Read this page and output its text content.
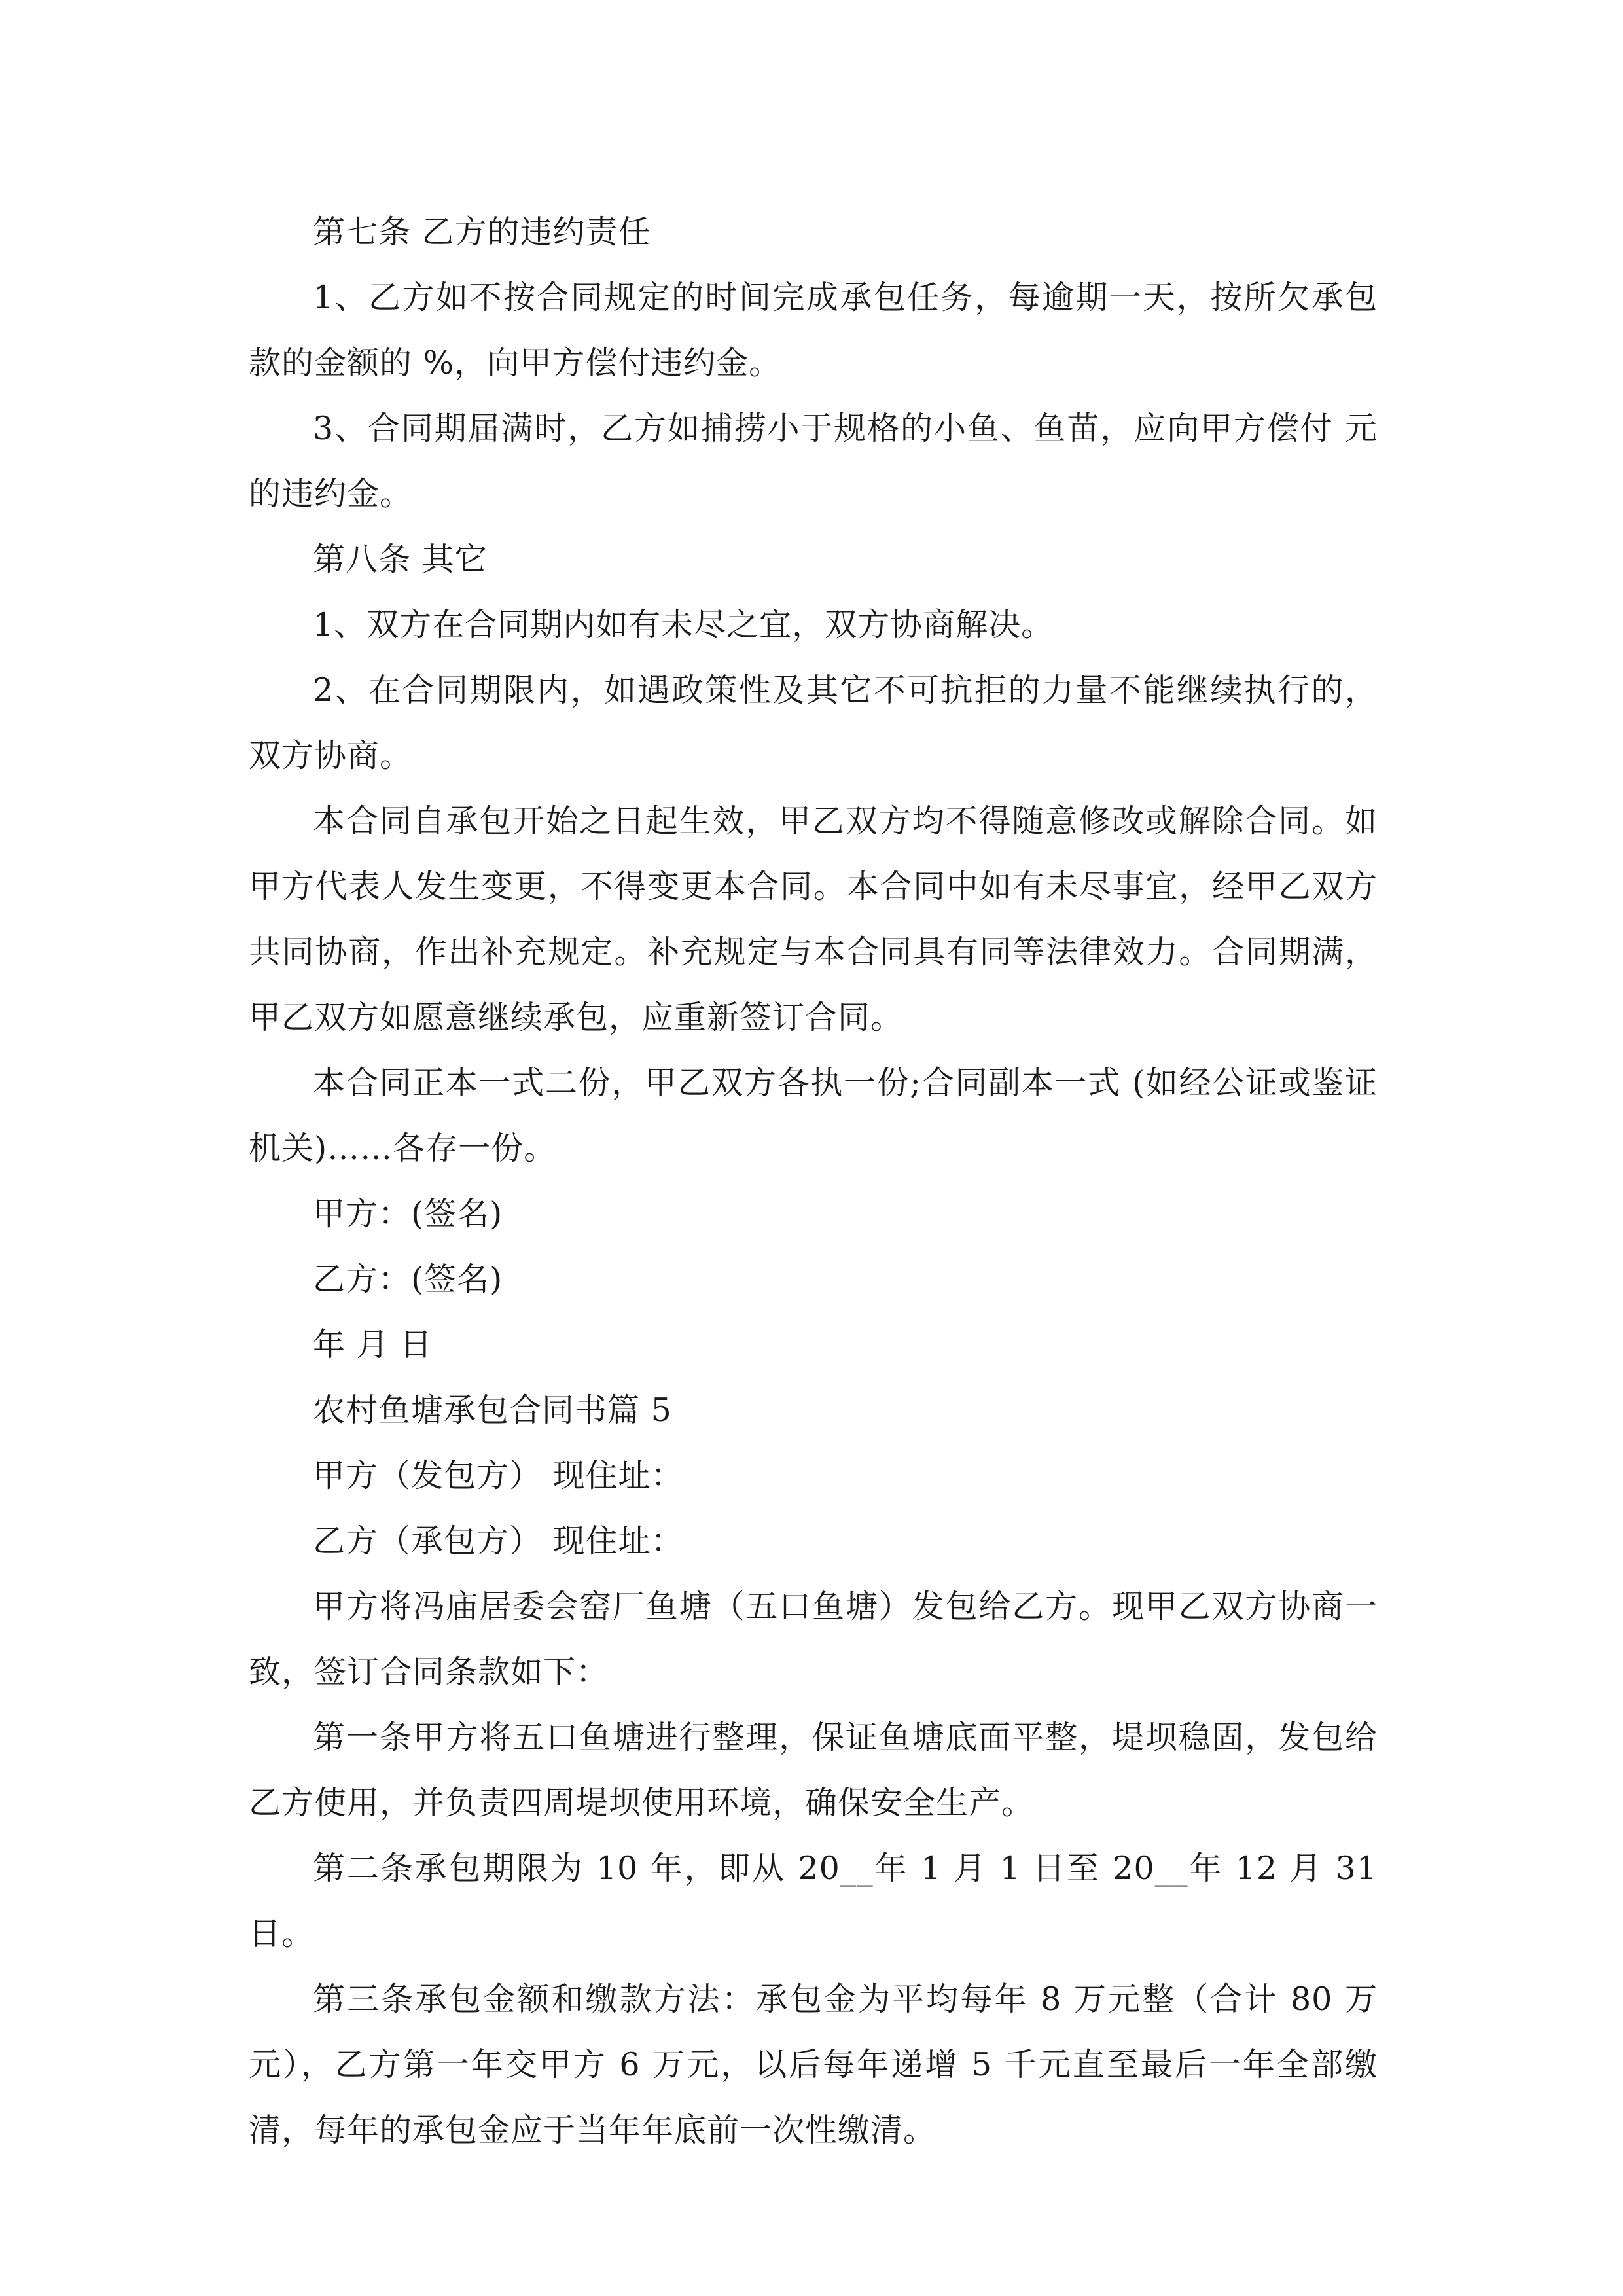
第七条 乙方的违约责任

1、乙方如不按合同规定的时间完成承包任务，每逾期一天，按所欠承包款的金额的 %，向甲方偿付违约金。

3、合同期届满时，乙方如捕捞小于规格的小鱼、鱼苗，应向甲方偿付 元的违约金。

第八条 其它

1、双方在合同期内如有未尽之宜，双方协商解决。

2、在合同期限内，如遇政策性及其它不可抗拒的力量不能继续执行的，双方协商。

本合同自承包开始之日起生效，甲乙双方均不得随意修改或解除合同。如甲方代表人发生变更，不得变更本合同。本合同中如有未尽事宜，经甲乙双方共同协商，作出补充规定。补充规定与本合同具有同等法律效力。合同期满，甲乙双方如愿意继续承包，应重新签订合同。

本合同正本一式二份，甲乙双方各执一份;合同副本一式 (如经公证或鉴证机关)……各存一份。

甲方：(签名)

乙方：(签名)

年 月 日

农村鱼塘承包合同书篇 5

甲方（发包方） 现住址：

乙方（承包方） 现住址：

甲方将冯庙居委会窑厂鱼塘（五口鱼塘）发包给乙方。现甲乙双方协商一致，签订合同条款如下：

第一条甲方将五口鱼塘进行整理，保证鱼塘底面平整，堤坝稳固，发包给乙方使用，并负责四周堤坝使用环境，确保安全生产。

第二条承包期限为 10 年，即从 20__年 1 月 1 日至 20__年 12 月 31 日。

第三条承包金额和缴款方法：承包金为平均每年 8 万元整（合计 80 万元），乙方第一年交甲方 6 万元，以后每年递增 5 千元直至最后一年全部缴清，每年的承包金应于当年年底前一次性缴清。
